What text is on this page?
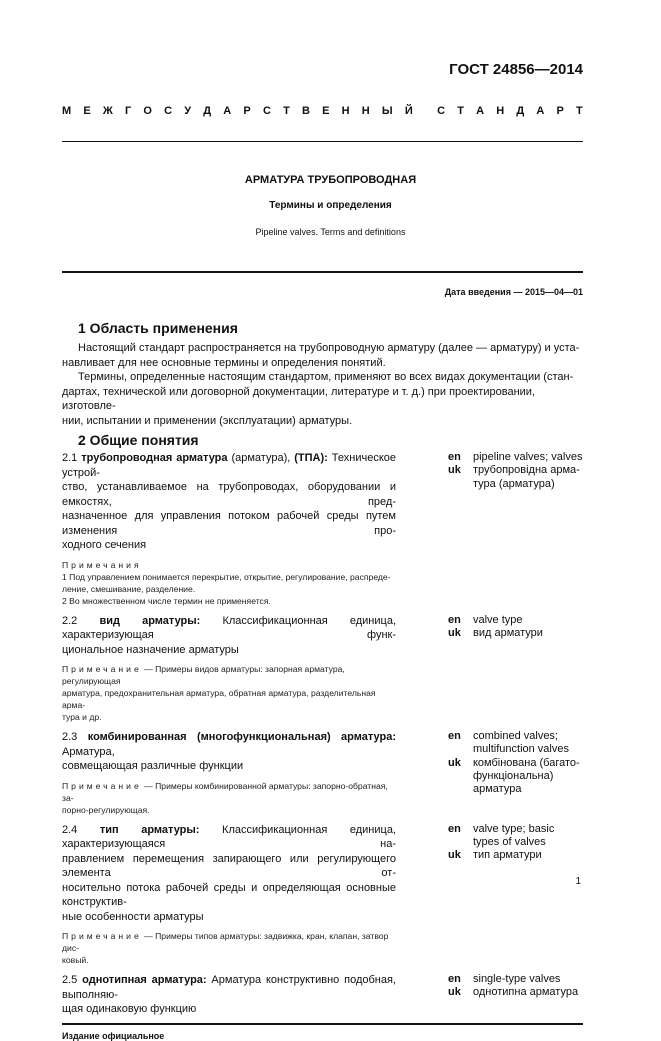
ГОСТ 24856—2014
М Е Ж Г О С У Д А Р С Т В Е Н Н Ы Й С Т А Н Д А Р Т
АРМАТУРА ТРУБОПРОВОДНАЯ
Термины и определения
Pipeline valves. Terms and definitions
Дата введения — 2015—04—01
1 Область применения
Настоящий стандарт распространяется на трубопроводную арматуру (далее — арматуру) и уста-
навливает для нее основные термины и определения понятий.
Термины, определенные настоящим стандартом, применяют во всех видах документации (стан-
дартах, технической или договорной документации, литературе и т. д.) при проектировании, изготовле-
нии, испытании и применении (эксплуатации) арматуры.
2 Общие понятия
2.1 трубопроводная арматура (арматура), (ТПА): Техническое устрой-
ство, устанавливаемое на трубопроводах, оборудовании и емкостях, пред-
назначенное для управления потоком рабочей среды путем изменения про-
ходного сечения
Примечания
1 Под управлением понимается перекрытие, открытие, регулирование, распреде-
ление, смешивание, разделение.
2 Во множественном числе термин не применяется.
en pipeline valves; valves
uk трубопровідна арма-
тура (арматура)
2.2 вид арматуры: Классификационная единица, характеризующая функ-
циональное назначение арматуры
Примечание — Примеры видов арматуры: запорная арматура, регулирующая
арматура, предохранительная арматура, обратная арматура, разделительная арма-
тура и др.
en valve type
uk вид арматури
2.3 комбинированная (многофункциональная) арматура: Арматура,
совмещающая различные функции
Примечание — Примеры комбинированной арматуры: запорно-обратная, за-
порно-регулирующая.
en combined valves;
multifunction valves
uk комбінована (багато-
функціональна)
арматура
2.4 тип арматуры: Классификационная единица, характеризующаяся на-
правлением перемещения запирающего или регулирующего элемента от-
носительно потока рабочей среды и определяющая основные конструктив-
ные особенности арматуры
Примечание — Примеры типов арматуры: задвижка, кран, клапан, затвор дис-
ковый.
en valve type; basic
types of valves
uk тип арматури
2.5 однотипная арматура: Арматура конструктивно подобная, выполняю-
щая одинаковую функцию
en single-type valves
uk однотипна арматура
Издание официальное
1
